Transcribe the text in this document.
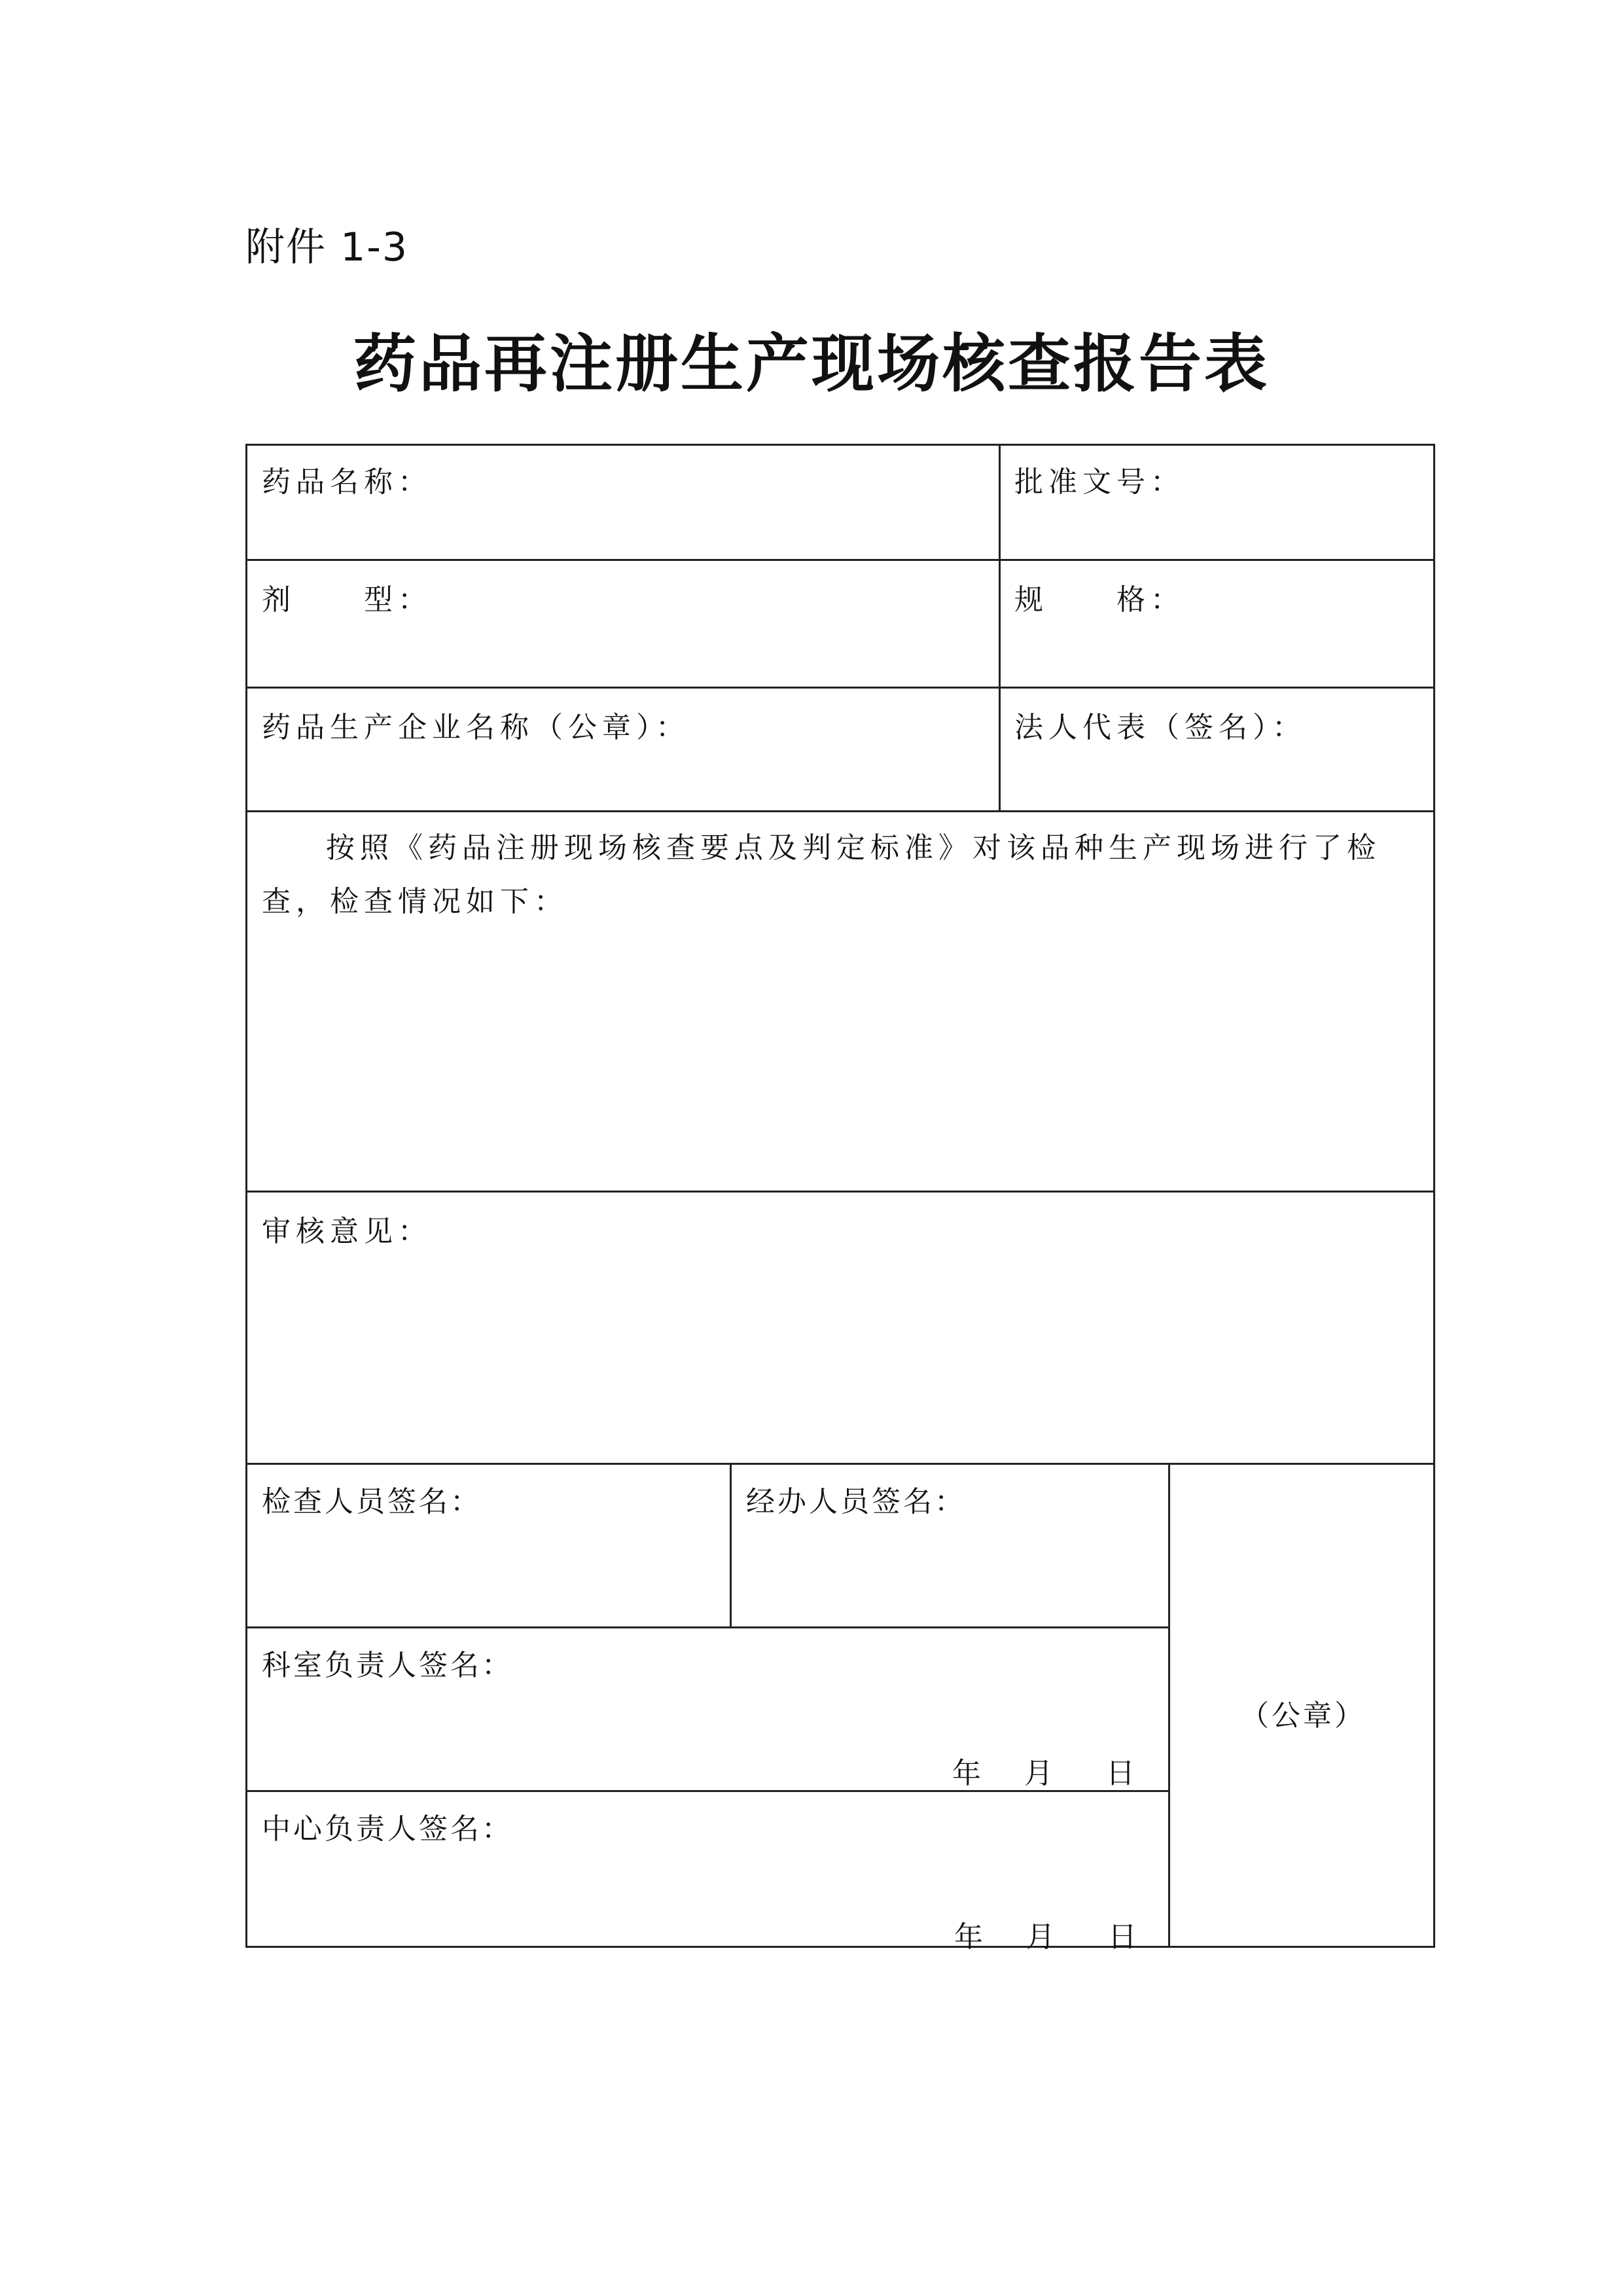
附件 1-3
药品再注册生产现场核查报告表
药品名称：	批准文号：
剂　　型：	规　　格：
药品生产企业名称（公章）：	法人代表（签名）：
按照《药品注册现场核查要点及判定标准》对该品种生产现场进行了检查，检查情况如下：
审核意见：
检查人员签名：	经办人员签名：
（公章）
科室负责人签名：
年 月 日
中心负责人签名：
年 月 日
